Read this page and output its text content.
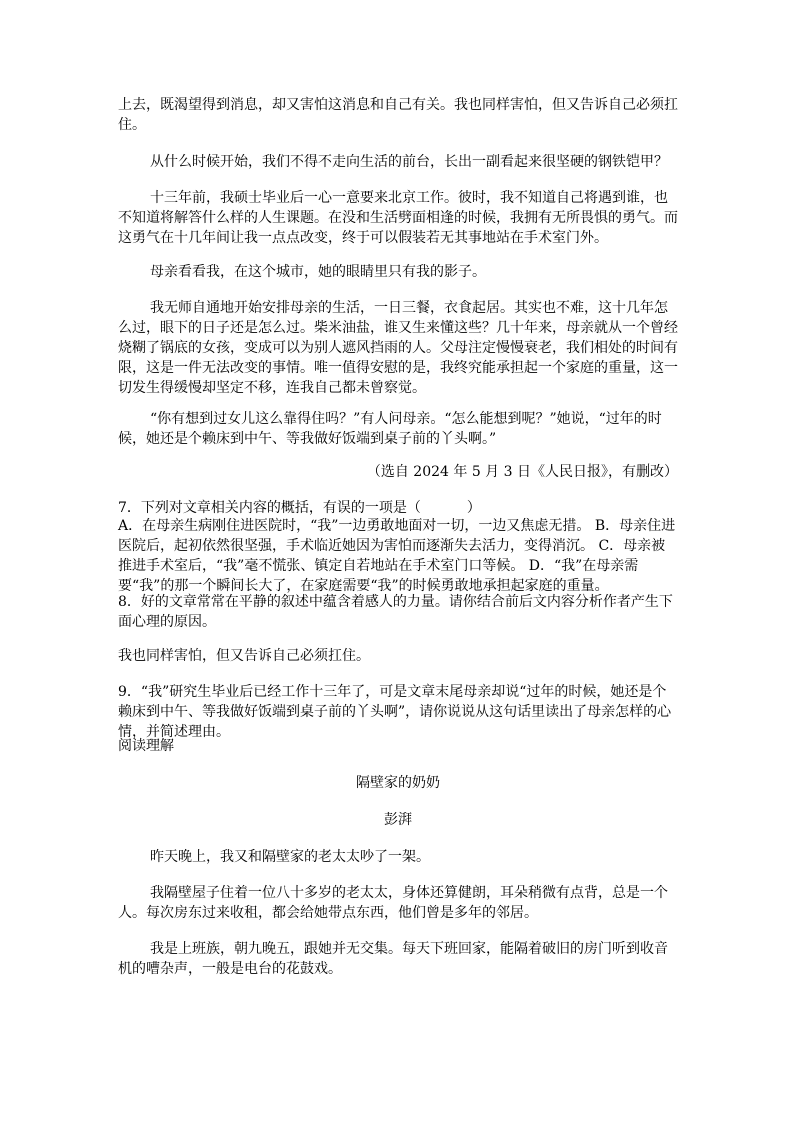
上去，既渴望得到消息，却又害怕这消息和自己有关。我也同样害怕，但又告诉自己必须扛住。

从什么时候开始，我们不得不走向生活的前台，长出一副看起来很坚硬的钢铁铠甲？

十三年前，我硕士毕业后一心一意要来北京工作。彼时，我不知道自己将遇到谁，也不知道将解答什么样的人生课题。在没和生活劈面相逢的时候，我拥有无所畏惧的勇气。而这勇气在十几年间让我一点点改变，终于可以假装若无其事地站在手术室门外。

母亲看看我，在这个城市，她的眼睛里只有我的影子。

我无师自通地开始安排母亲的生活，一日三餐，衣食起居。其实也不难，这十几年怎么过，眼下的日子还是怎么过。柴米油盐，谁又生来懂这些？几十年来，母亲就从一个曾经烧糊了锅底的女孩，变成可以为别人遮风挡雨的人。父母注定慢慢衰老，我们相处的时间有限，这是一件无法改变的事情。唯一值得安慰的是，我终究能承担起一个家庭的重量，这一切发生得缓慢却坚定不移，连我自己都未曾察觉。

“你有想到过女儿这么靠得住吗？”有人问母亲。“怎么能想到呢？”她说，“过年的时候，她还是个赖床到中午、等我做好饭端到桌子前的丫头啊。”

（选自 2024 年 5 月 3 日《人民日报》，有删改）

7．下列对文章相关内容的概括，有误的一项是（	）

A．在母亲生病刚住进医院时，“我”一边勇敢地面对一切，一边又焦虑无措。 B．母亲住进医院后，起初依然很坚强，手术临近她因为害怕而逐渐失去活力，变得消沉。 C．母亲被推进手术室后，“我”毫不慌张、镇定自若地站在手术室门口等候。 D．“我”在母亲需要“我”的那一个瞬间长大了，在家庭需要“我”的时候勇敢地承担起家庭的重量。

8．好的文章常常在平静的叙述中蕴含着感人的力量。请你结合前后文内容分析作者产生下面心理的原因。

我也同样害怕，但又告诉自己必须扛住。

9．“我”研究生毕业后已经工作十三年了，可是文章末尾母亲却说“过年的时候，她还是个赖床到中午、等我做好饭端到桌子前的丫头啊”，请你说说从这句话里读出了母亲怎样的心情，并简述理由。

阅读理解

隔壁家的奶奶

彭湃

昨天晚上，我又和隔壁家的老太太吵了一架。

我隔壁屋子住着一位八十多岁的老太太，身体还算健朗，耳朵稍微有点背，总是一个人。每次房东过来收租，都会给她带点东西，他们曾是多年的邻居。

我是上班族，朝九晚五，跟她并无交集。每天下班回家，能隔着破旧的房门听到收音机的嘈杂声，一般是电台的花鼓戏。
